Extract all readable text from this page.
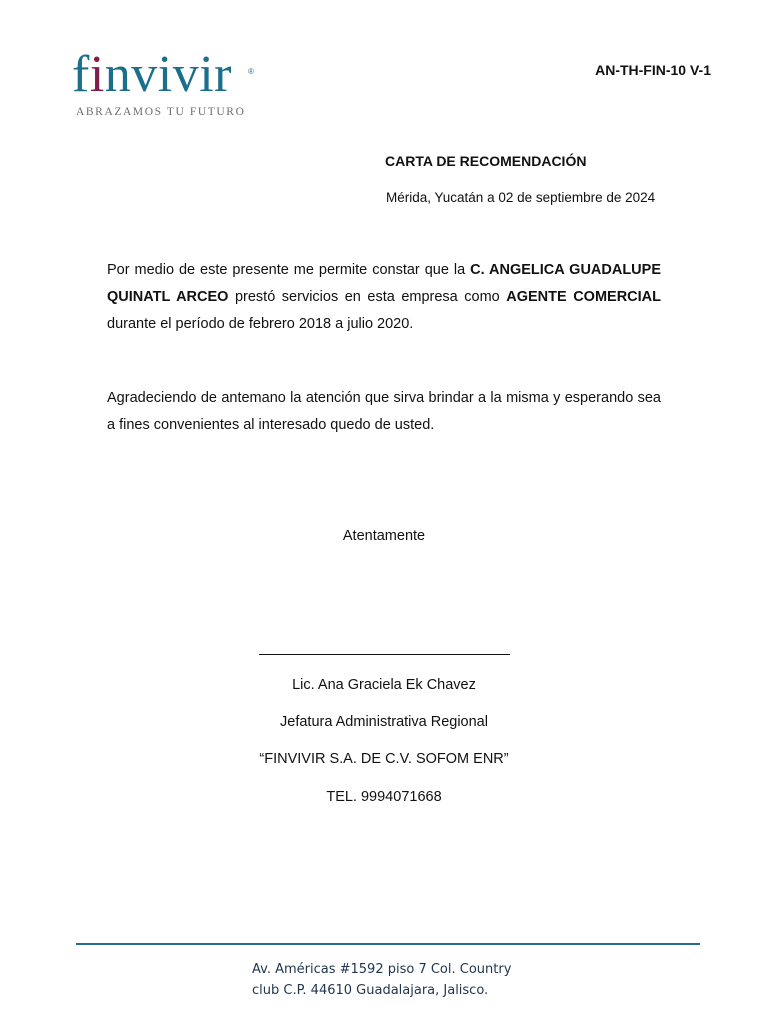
finvivir ®
ABRAZAMOS TU FUTURO
AN-TH-FIN-10 V-1
CARTA DE RECOMENDACIÓN
Mérida, Yucatán a 02 de septiembre de 2024

Por medio de este presente me permite constar que la C. ANGELICA GUADALUPE QUINATL ARCEO prestó servicios en esta empresa como AGENTE COMERCIAL durante el período de febrero 2018 a julio 2020.

Agradeciendo de antemano la atención que sirva brindar a la misma y esperando sea a fines convenientes al interesado quedo de usted.

Atentamente
Lic. Ana Graciela Ek Chavez
Jefatura Administrativa Regional
“FINVIVIR S.A. DE C.V. SOFOM ENR”
TEL. 9994071668

Av. Américas #1592 piso 7 Col. Country
club C.P. 44610 Guadalajara, Jalisco.
